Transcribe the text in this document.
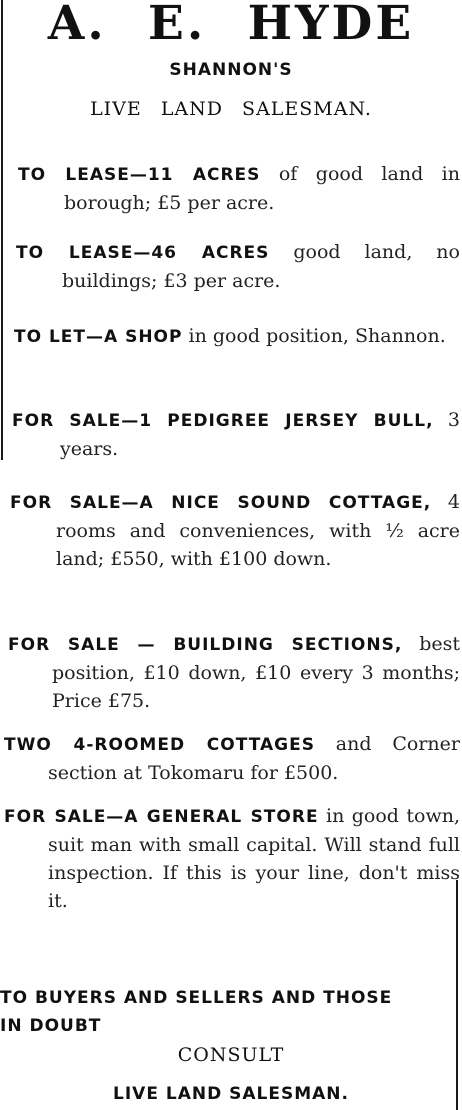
A. E. HYDE

SHANNON'S

LIVE LAND SALESMAN.

TO LEASE—11 ACRES of good land in borough; £5 per acre.

TO LEASE—46 ACRES good land, no buildings; £3 per acre.

TO LET—A SHOP in good position, Shannon.

FOR SALE—1 PEDIGREE JERSEY BULL, 3 years.

FOR SALE—A NICE SOUND COTTAGE, 4 rooms and conveniences, with ½ acre land; £550, with £100 down.

FOR SALE — BUILDING SECTIONS, best position, £10 down, £10 every 3 months; Price £75.

TWO 4-ROOMED COTTAGES and Corner section at Tokomaru for £500.

FOR SALE—A GENERAL STORE in good town, suit man with small capital. Will stand full inspection. If this is your line, don't miss it.

TO BUYERS AND SELLERS AND THOSE IN DOUBT

CONSULT

LIVE LAND SALESMAN.
